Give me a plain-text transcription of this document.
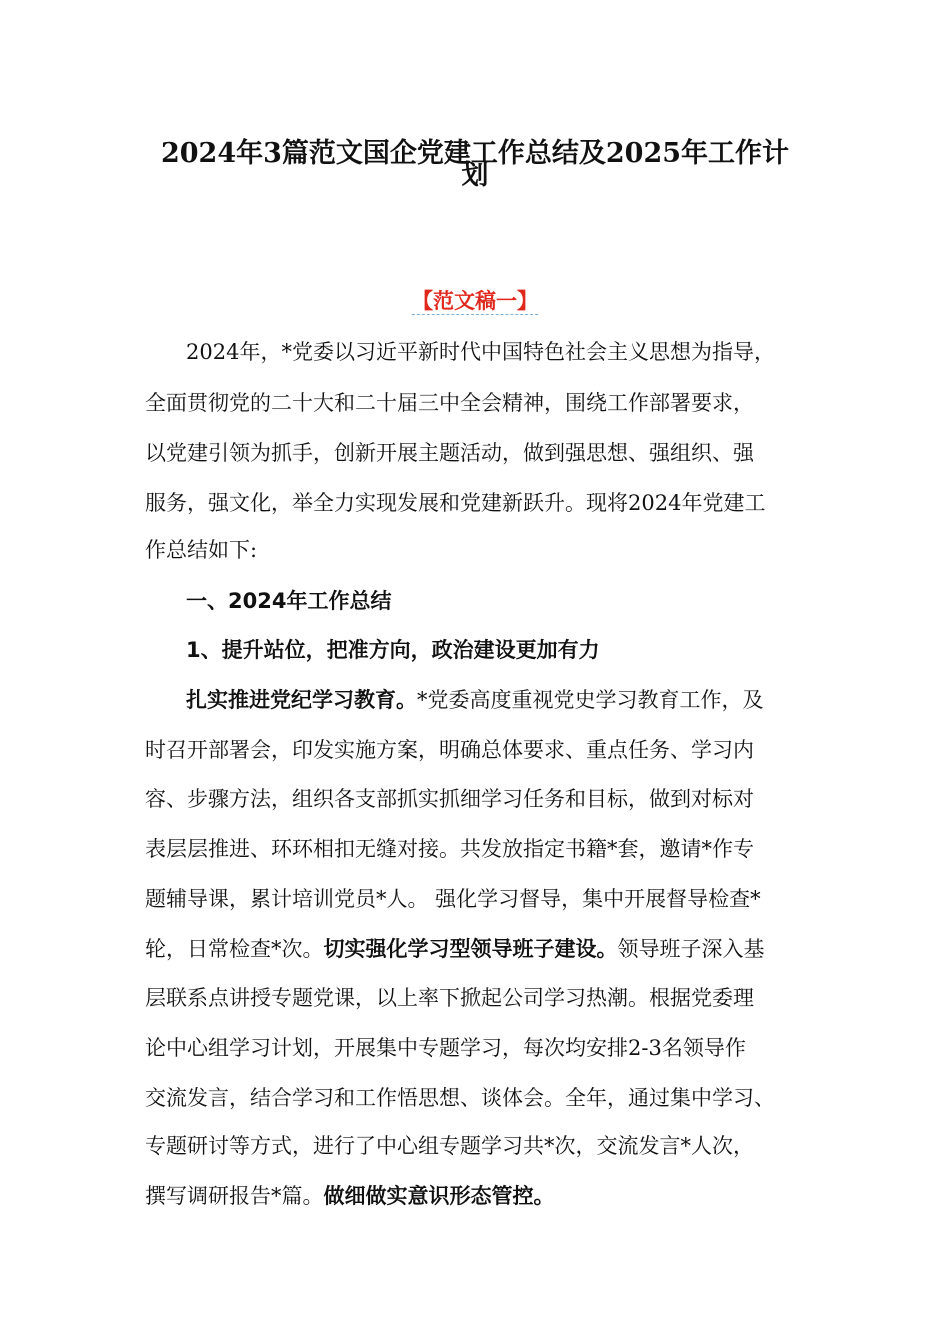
2024年3篇范文国企党建工作总结及2025年工作计
划
【范文稿一】
2024年，*党委以习近平新时代中国特色社会主义思想为指导，
全面贯彻党的二十大和二十届三中全会精神，围绕工作部署要求，
以党建引领为抓手，创新开展主题活动，做到强思想、强组织、强
服务，强文化，举全力实现发展和党建新跃升。现将2024年党建工
作总结如下:
一、2024年工作总结
1、提升站位，把准方向，政治建设更加有力
扎实推进党纪学习教育。*党委高度重视党史学习教育工作，及
时召开部署会，印发实施方案，明确总体要求、重点任务、学习内
容、步骤方法，组织各支部抓实抓细学习任务和目标，做到对标对
表层层推进、环环相扣无缝对接。共发放指定书籍*套，邀请*作专
题辅导课，累计培训党员*人。 强化学习督导，集中开展督导检查*
轮，日常检查*次。切实强化学习型领导班子建设。领导班子深入基
层联系点讲授专题党课，以上率下掀起公司学习热潮。根据党委理
论中心组学习计划，开展集中专题学习，每次均安排2-3名领导作
交流发言，结合学习和工作悟思想、谈体会。全年，通过集中学习、
专题研讨等方式，进行了中心组专题学习共*次，交流发言*人次，
撰写调研报告*篇。做细做实意识形态管控。
